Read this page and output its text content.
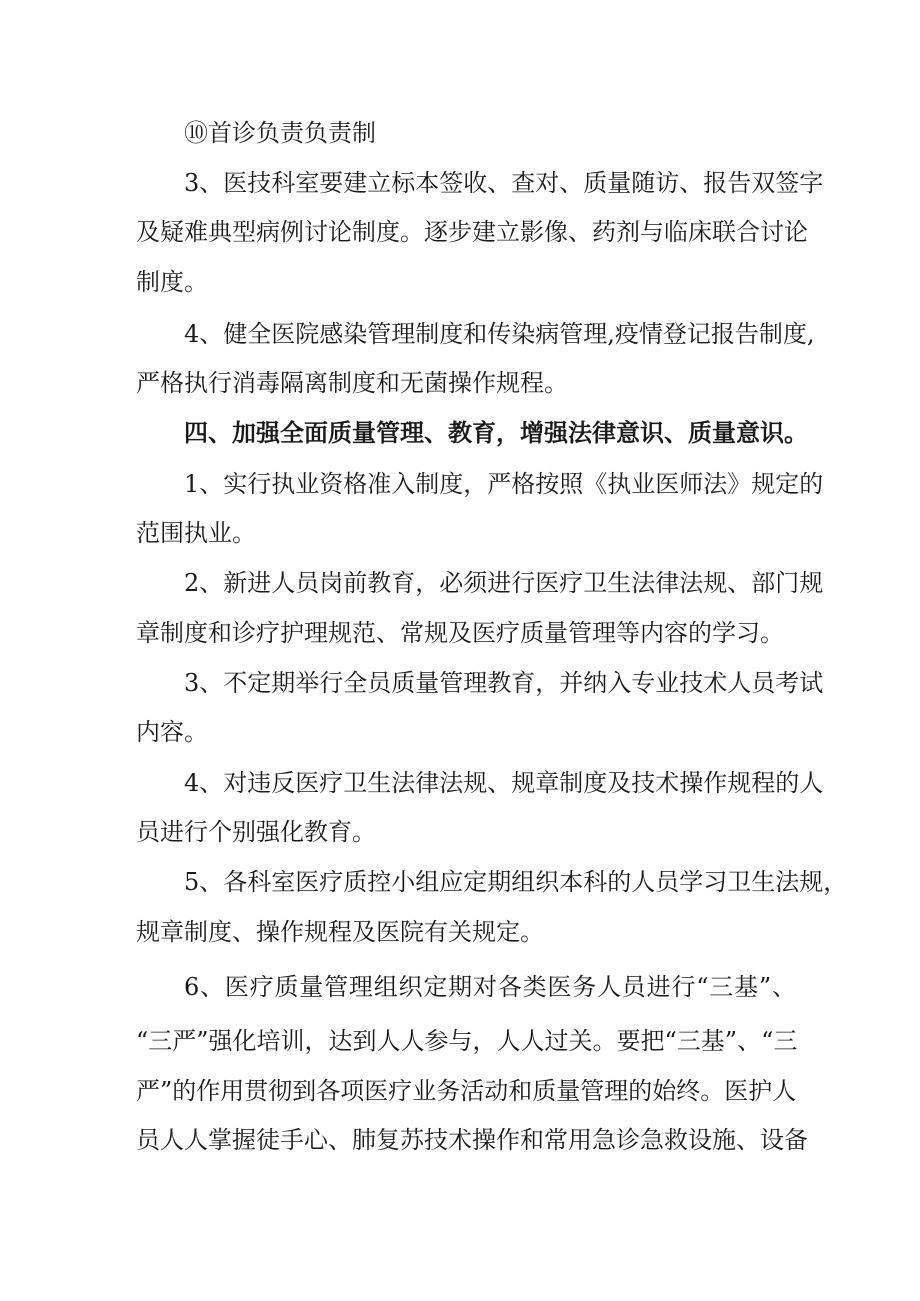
⑩首诊负责负责制
3、医技科室要建立标本签收、查对、质量随访、报告双签字
及疑难典型病例讨论制度。逐步建立影像、药剂与临床联合讨论
制度。
4、健全医院感染管理制度和传染病管理,疫情登记报告制度,
严格执行消毒隔离制度和无菌操作规程。
四、加强全面质量管理、教育，增强法律意识、质量意识。
1、实行执业资格准入制度，严格按照《执业医师法》规定的
范围执业。
2、新进人员岗前教育，必须进行医疗卫生法律法规、部门规
章制度和诊疗护理规范、常规及医疗质量管理等内容的学习。
3、不定期举行全员质量管理教育，并纳入专业技术人员考试
内容。
4、对违反医疗卫生法律法规、规章制度及技术操作规程的人
员进行个别强化教育。
5、各科室医疗质控小组应定期组织本科的人员学习卫生法规，
规章制度、操作规程及医院有关规定。
6、医疗质量管理组织定期对各类医务人员进行“三基”、
“三严”强化培训，达到人人参与，人人过关。要把“三基”、“三
严”的作用贯彻到各项医疗业务活动和质量管理的始终。医护人
员人人掌握徒手心、肺复苏技术操作和常用急诊急救设施、设备
